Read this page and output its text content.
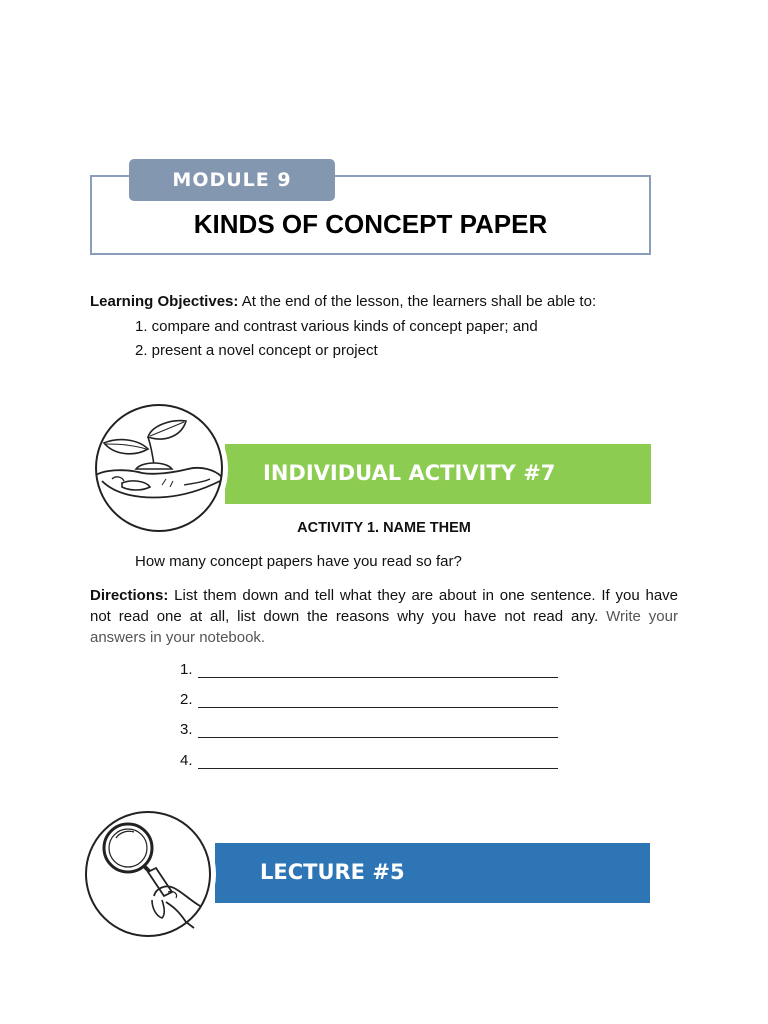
MODULE 9
KINDS OF CONCEPT PAPER
Learning Objectives: At the end of the lesson, the learners shall be able to:
1. compare and contrast various kinds of concept paper; and
2. present a novel concept or project
INDIVIDUAL ACTIVITY #7
ACTIVITY 1. NAME THEM
How many concept papers have you read so far?
Directions: List them down and tell what they are about in one sentence. If you have not read one at all, list down the reasons why you have not read any. Write your answers in your notebook.
1.
2.
3.
4.
LECTURE #5
